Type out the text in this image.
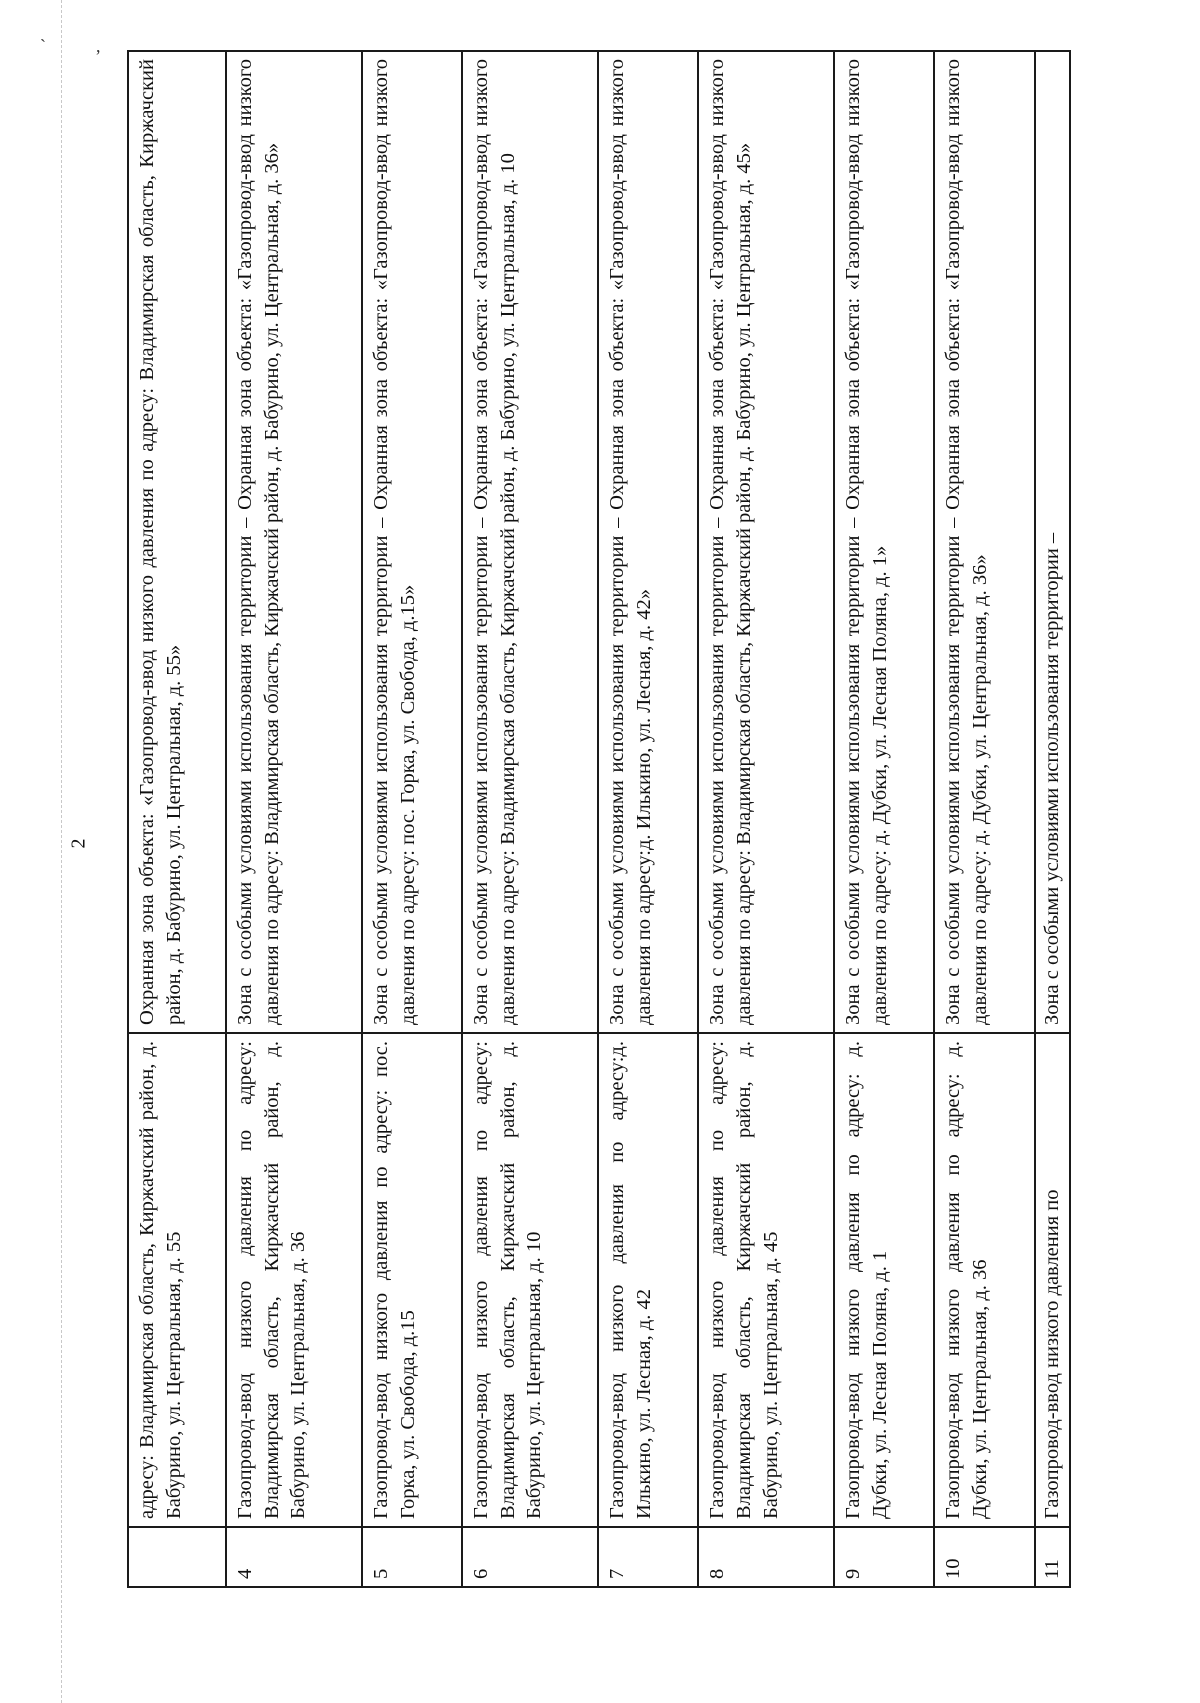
`	,
2
	адресу: Владимирская область, Киржачский район, д. Бабурино, ул. Центральная, д. 55	Охранная зона объекта: «Газопровод-ввод низкого давления по адресу: Владимирская область, Киржачский район, д. Бабурино, ул. Центральная, д. 55»
4	Газопровод-ввод низкого давления по адресу: Владимирская область, Киржачский район, д. Бабурино, ул. Центральная, д. 36	Зона с особыми условиями использования территории – Охранная зона объекта: «Газопровод-ввод низкого давления по адресу: Владимирская область, Киржачский район, д. Бабурино, ул. Центральная, д. 36»
5	Газопровод-ввод низкого давления по адресу: пос. Горка, ул. Свобода, д.15	Зона с особыми условиями использования территории – Охранная зона объекта: «Газопровод-ввод низкого давления по адресу: пос. Горка, ул. Свобода, д.15»
6	Газопровод-ввод низкого давления по адресу: Владимирская область, Киржачский район, д. Бабурино, ул. Центральная, д. 10	Зона с особыми условиями использования территории – Охранная зона объекта: «Газопровод-ввод низкого давления по адресу: Владимирская область, Киржачский район, д. Бабурино, ул. Центральная, д. 10
7	Газопровод-ввод низкого давления по адресу:д. Илькино, ул. Лесная, д. 42	Зона с особыми условиями использования территории – Охранная зона объекта: «Газопровод-ввод низкого давления по адресу:д. Илькино, ул. Лесная, д. 42»
8	Газопровод-ввод низкого давления по адресу: Владимирская область, Киржачский район, д. Бабурино, ул. Центральная, д. 45	Зона с особыми условиями использования территории – Охранная зона объекта: «Газопровод-ввод низкого давления по адресу: Владимирская область, Киржачский район, д. Бабурино, ул. Центральная, д. 45»
9	Газопровод-ввод низкого давления по адресу: д. Дубки, ул. Лесная Поляна, д. 1	Зона с особыми условиями использования территории – Охранная зона объекта: «Газопровод-ввод низкого давления по адресу: д. Дубки, ул. Лесная Поляна, д. 1»
10	Газопровод-ввод низкого давления по адресу: д. Дубки, ул. Центральная, д. 36	Зона с особыми условиями использования территории – Охранная зона объекта: «Газопровод-ввод низкого давления по адресу: д. Дубки, ул. Центральная, д. 36»
11	Газопровод-ввод низкого давления по	Зона с особыми условиями использования территории –
